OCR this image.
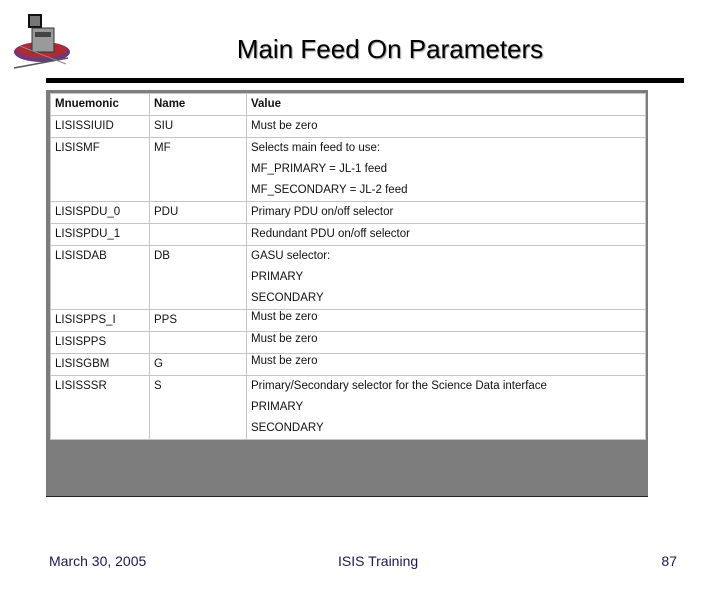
Main Feed On Parameters
Mnuemonic	Name	Value

LISISSIUID	SIU	Must be zero

LISISMF	MF	Selects main feed to use:
MF_PRIMARY = JL-1 feed
MF_SECONDARY = JL-2 feed

LISISPDU_0	PDU	Primary PDU on/off selector

LISISPDU_1		Redundant PDU on/off selector

LISISDAB	DB	GASU selector:
PRIMARY
SECONDARY

LISISPPS_I	PPS	Must be zero

LISISPPS		Must be zero

LISISGBM	G	Must be zero

LISISSSR	S	Primary/Secondary selector for the Science Data interface
PRIMARY
SECONDARY
March 30, 2005	ISIS Training	87
